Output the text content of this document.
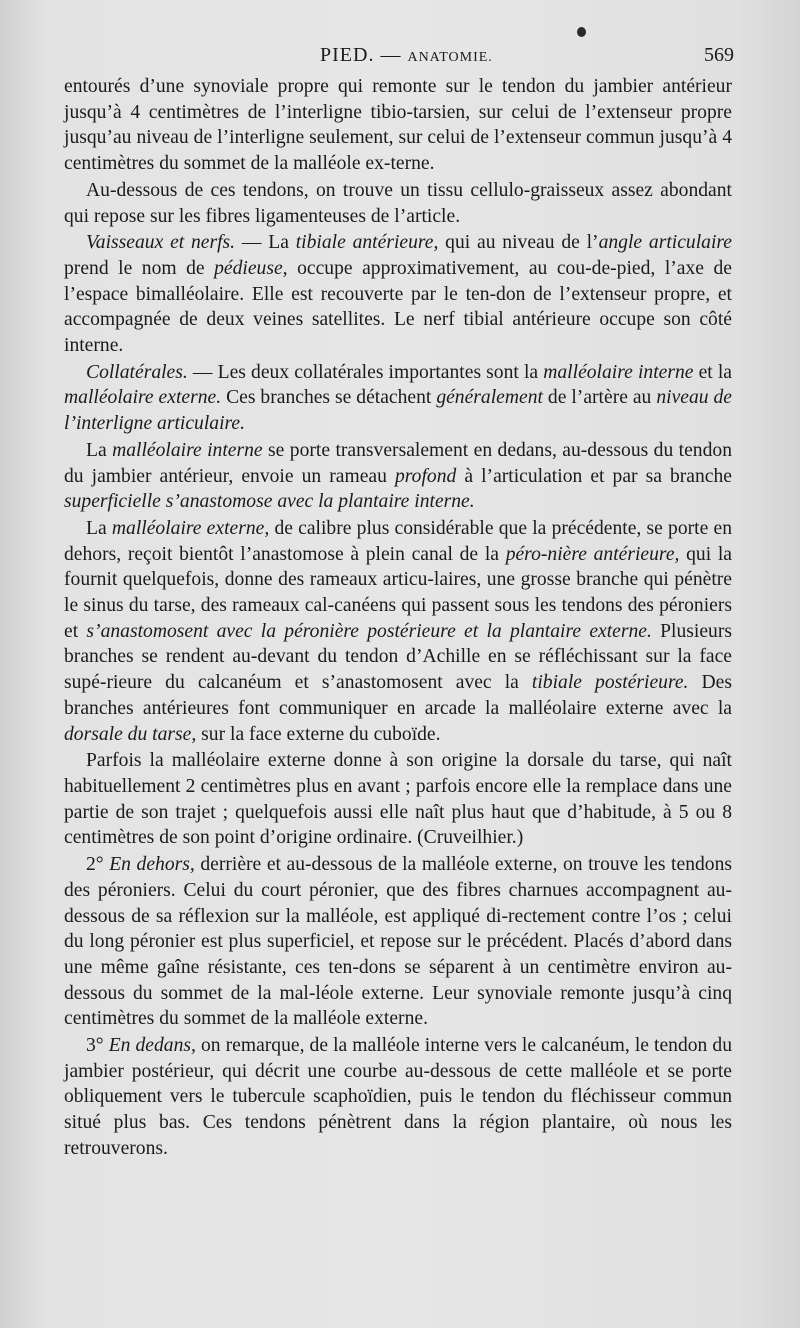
PIED. — ANATOMIE.	569

entourés d’une synoviale propre qui remonte sur le tendon du jambier antérieur jusqu’à 4 centimètres de l’interligne tibio-tarsien, sur celui de l’extenseur propre jusqu’au niveau de l’interligne seulement, sur celui de l’extenseur commun jusqu’à 4 centimètres du sommet de la malléole ex-terne.

Au-dessous de ces tendons, on trouve un tissu cellulo-graisseux assez abondant qui repose sur les fibres ligamenteuses de l’article.

Vaisseaux et nerfs. — La tibiale antérieure, qui au niveau de l’angle articulaire prend le nom de pédieuse, occupe approximativement, au cou-de-pied, l’axe de l’espace bimalléolaire. Elle est recouverte par le ten-don de l’extenseur propre, et accompagnée de deux veines satellites. Le nerf tibial antérieure occupe son côté interne.

Collatérales. — Les deux collatérales importantes sont la malléolaire interne et la malléolaire externe. Ces branches se détachent généralement de l’artère au niveau de l’interligne articulaire.

La malléolaire interne se porte transversalement en dedans, au-dessous du tendon du jambier antérieur, envoie un rameau profond à l’articulation et par sa branche superficielle s’anastomose avec la plantaire interne.

La malléolaire externe, de calibre plus considérable que la précédente, se porte en dehors, reçoit bientôt l’anastomose à plein canal de la péro-nière antérieure, qui la fournit quelquefois, donne des rameaux articu-laires, une grosse branche qui pénètre le sinus du tarse, des rameaux cal-canéens qui passent sous les tendons des péroniers et s’anastomosent avec la péronière postérieure et la plantaire externe. Plusieurs branches se rendent au-devant du tendon d’Achille en se réfléchissant sur la face supé-rieure du calcanéum et s’anastomosent avec la tibiale postérieure. Des branches antérieures font communiquer en arcade la malléolaire externe avec la dorsale du tarse, sur la face externe du cuboïde.

Parfois la malléolaire externe donne à son origine la dorsale du tarse, qui naît habituellement 2 centimètres plus en avant ; parfois encore elle la remplace dans une partie de son trajet ; quelquefois aussi elle naît plus haut que d’habitude, à 5 ou 8 centimètres de son point d’origine ordinaire. (Cruveilhier.)

2° En dehors, derrière et au-dessous de la malléole externe, on trouve les tendons des péroniers. Celui du court péronier, que des fibres charnues accompagnent au-dessous de sa réflexion sur la malléole, est appliqué di-rectement contre l’os ; celui du long péronier est plus superficiel, et repose sur le précédent. Placés d’abord dans une même gaîne résistante, ces ten-dons se séparent à un centimètre environ au-dessous du sommet de la mal-léole externe. Leur synoviale remonte jusqu’à cinq centimètres du sommet de la malléole externe.

3° En dedans, on remarque, de la malléole interne vers le calcanéum, le tendon du jambier postérieur, qui décrit une courbe au-dessous de cette malléole et se porte obliquement vers le tubercule scaphoïdien, puis le tendon du fléchisseur commun situé plus bas. Ces tendons pénètrent dans la région plantaire, où nous les retrouverons.
